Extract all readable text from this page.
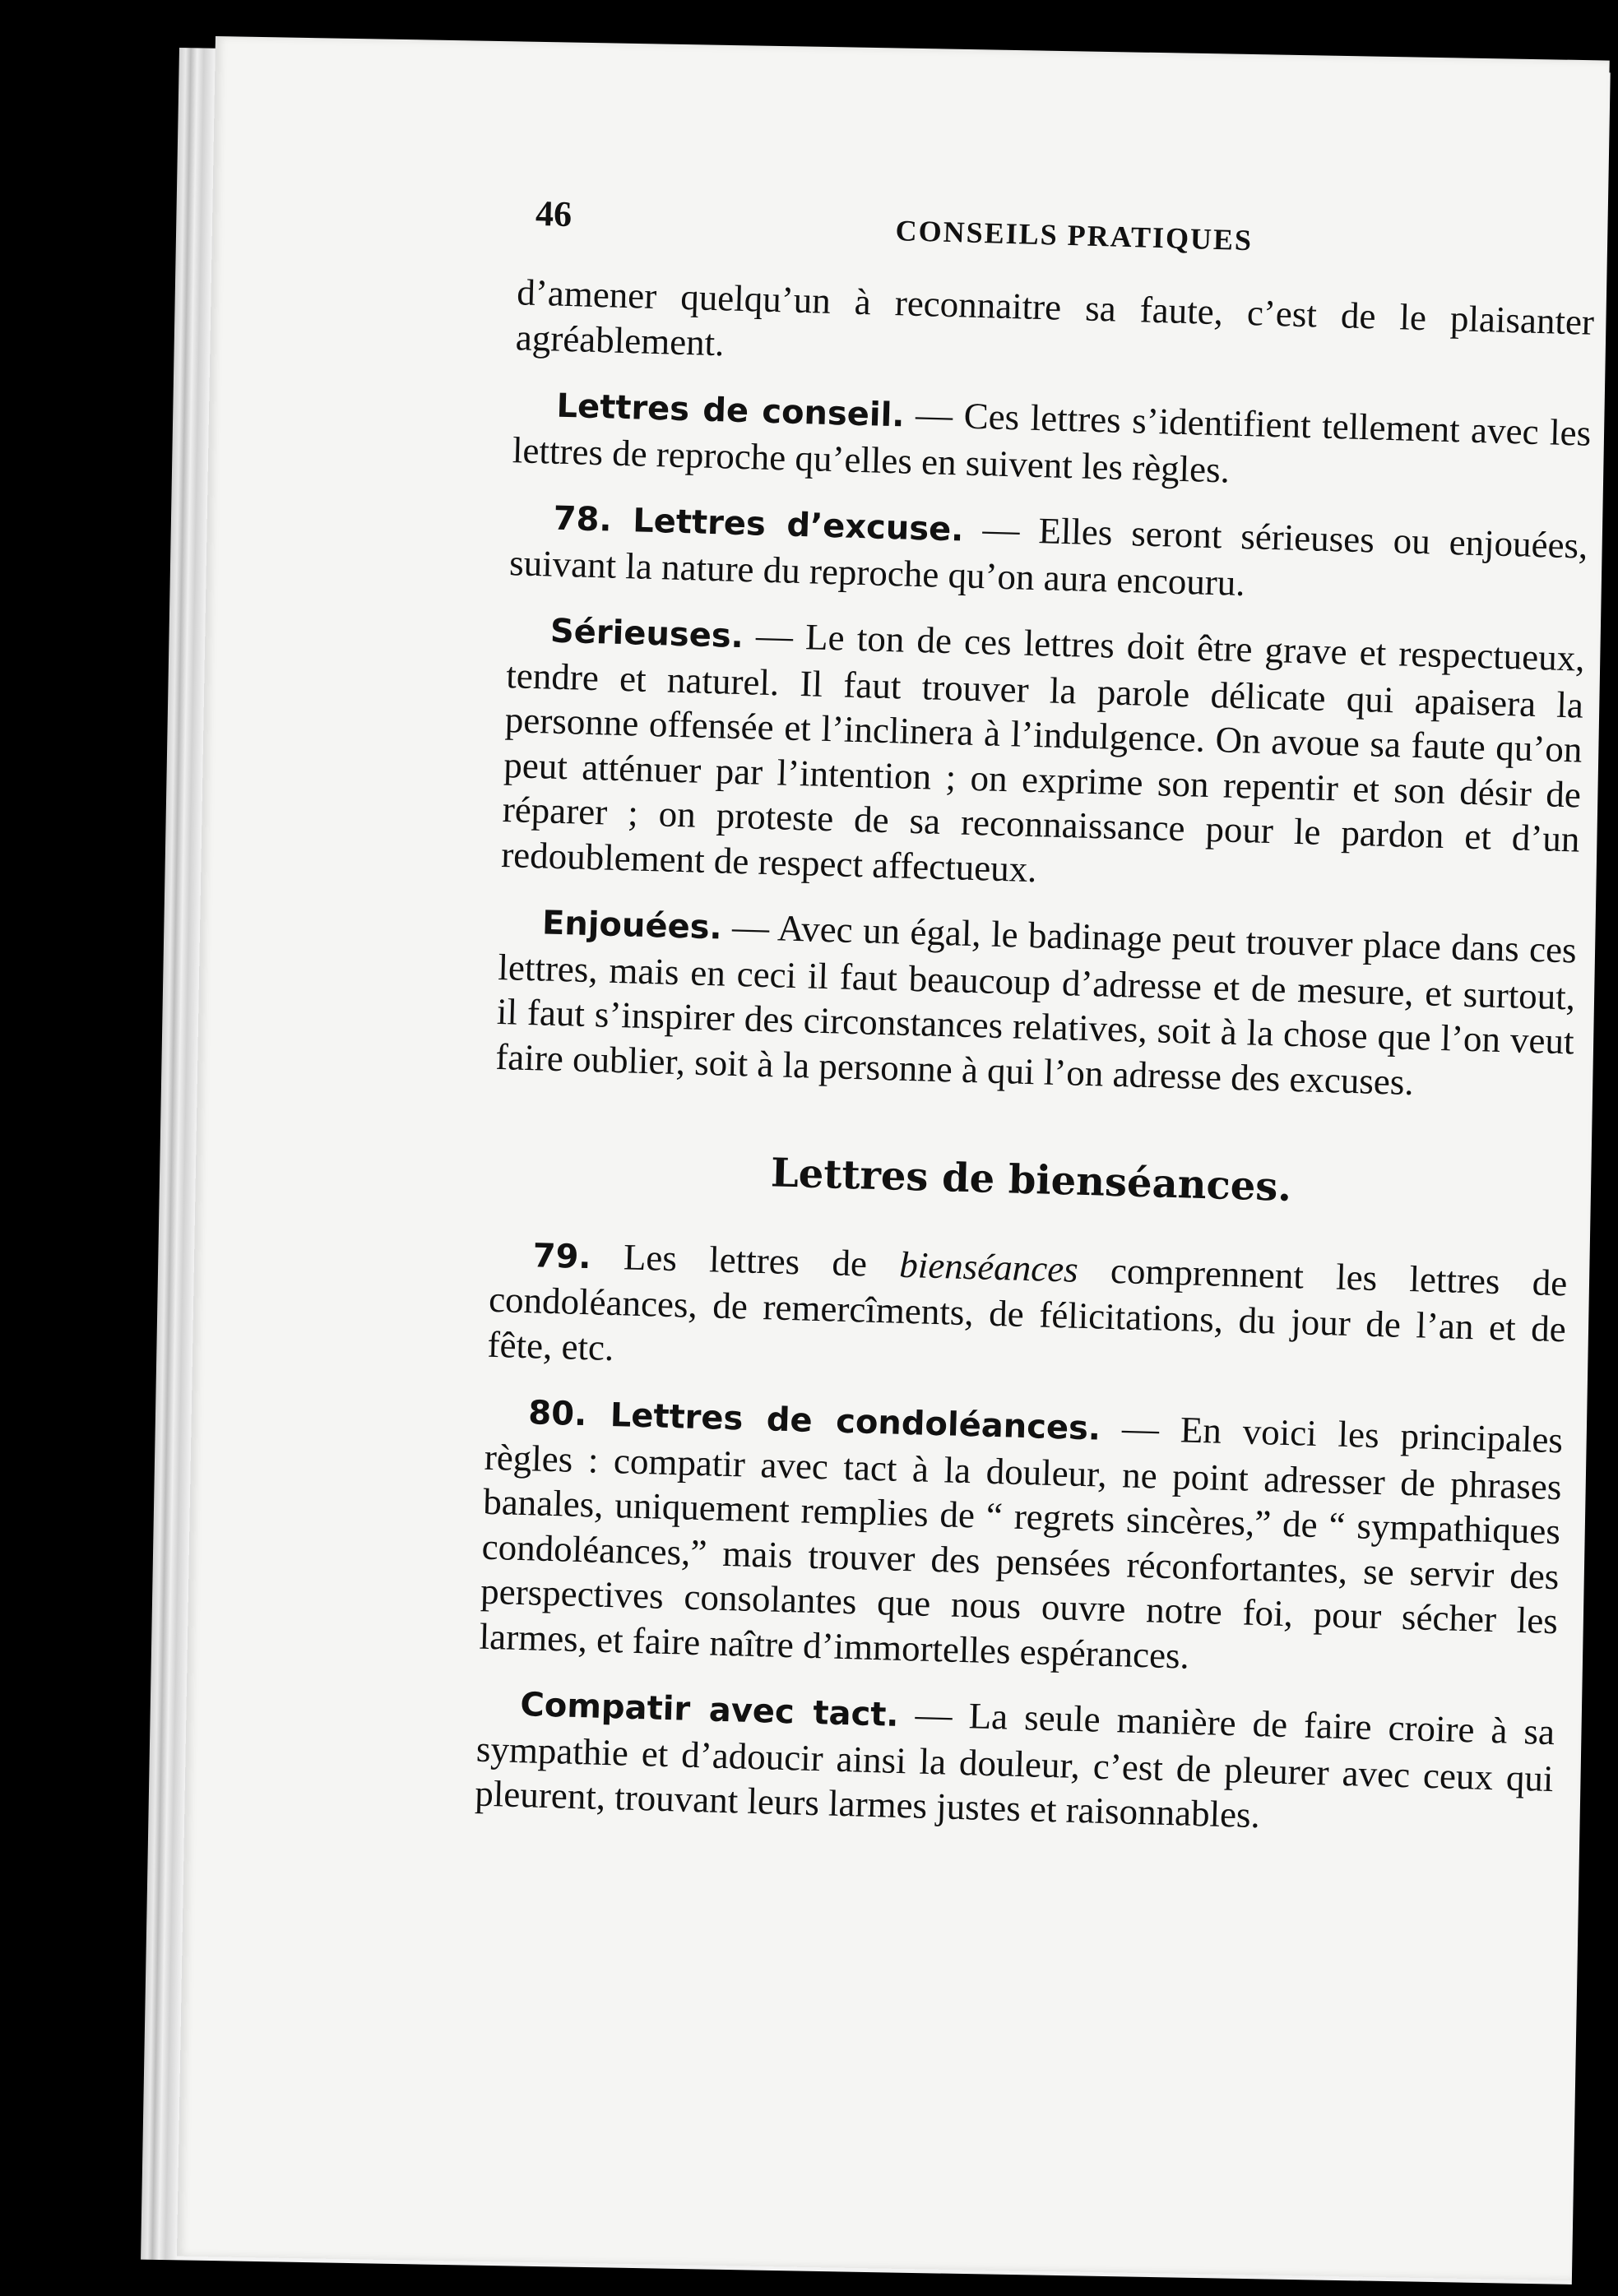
46
CONSEILS PRATIQUES

d’amener quelqu’un à reconnaitre sa faute, c’est de le plaisanter agréablement.

Lettres de conseil. — Ces lettres s’identifient tellement avec les lettres de reproche qu’elles en suivent les règles.

78. Lettres d’excuse. — Elles seront sérieuses ou enjouées, suivant la nature du reproche qu’on aura encouru.

Sérieuses. — Le ton de ces lettres doit être grave et respectueux, tendre et naturel. Il faut trouver la parole délicate qui apaisera la personne offensée et l’inclinera à l’indulgence. On avoue sa faute qu’on peut atténuer par l’intention ; on exprime son repentir et son désir de réparer ; on proteste de sa reconnaissance pour le pardon et d’un redoublement de respect affectueux.

Enjouées. — Avec un égal, le badinage peut trouver place dans ces lettres, mais en ceci il faut beaucoup d’adresse et de mesure, et surtout, il faut s’inspirer des circonstances relatives, soit à la chose que l’on veut faire oublier, soit à la personne à qui l’on adresse des excuses.

Lettres de bienséances.

79. Les lettres de bienséances comprennent les lettres de condoléances, de remercîments, de félicitations, du jour de l’an et de fête, etc.

80. Lettres de condoléances. — En voici les principales règles : compatir avec tact à la douleur, ne point adresser de phrases banales, uniquement remplies de “ regrets sincères,” de “ sympathiques condoléances,” mais trouver des pensées réconfortantes, se servir des perspectives consolantes que nous ouvre notre foi, pour sécher les larmes, et faire naître d’immortelles espérances.

Compatir avec tact. — La seule manière de faire croire à sa sympathie et d’adoucir ainsi la douleur, c’est de pleurer avec ceux qui pleurent, trouvant leurs larmes justes et raisonnables.
